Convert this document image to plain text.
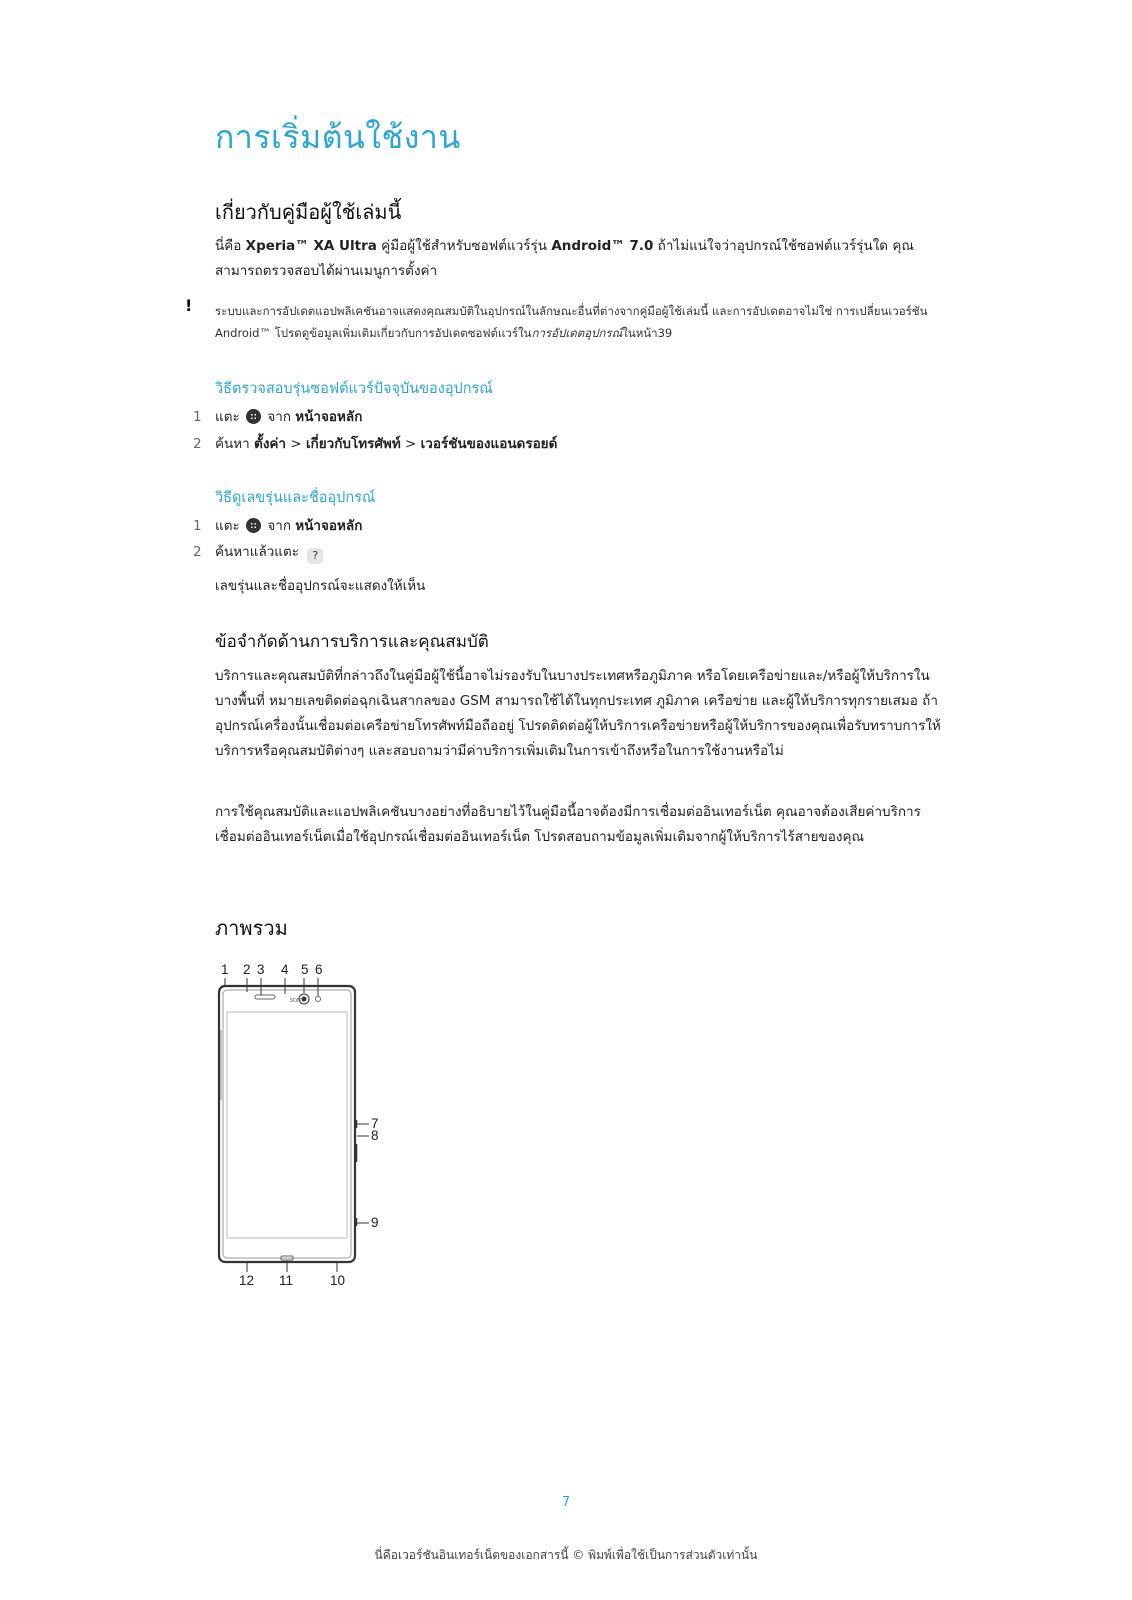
การเริ่มต้นใช้งาน
เกี่ยวกับคู่มือผู้ใช้เล่มนี้
นี่คือ Xperia™ XA Ultra คู่มือผู้ใช้สำหรับซอฟต์แวร์รุ่น Android™ 7.0 ถ้าไม่แน่ใจว่าอุปกรณ์ใช้ซอฟต์แวร์รุ่นใด คุณ สามารถตรวจสอบได้ผ่านเมนูการตั้งค่า
! ระบบและการอัปเดตแอปพลิเคชันอาจแสดงคุณสมบัติในอุปกรณ์ในลักษณะอื่นที่ต่างจากคู่มือผู้ใช้เล่มนี้ และการอัปเดตอาจไม่ใช่ การเปลี่ยนเวอร์ชัน Android™ โปรดดูข้อมูลเพิ่มเติมเกี่ยวกับการอัปเดตซอฟต์แวร์ในการอัปเดตอุปกรณ์ในหน้า39
วิธีตรวจสอบรุ่นซอฟต์แวร์ปัจจุบันของอุปกรณ์
1 แตะ จาก หน้าจอหลัก
2 ค้นหา ตั้งค่า > เกี่ยวกับโทรศัพท์ > เวอร์ชันของแอนดรอยด์
วิธีดูเลขรุ่นและชื่ออุปกรณ์
1 แตะ จาก หน้าจอหลัก
2 ค้นหาแล้วแตะ ?
เลขรุ่นและชื่ออุปกรณ์จะแสดงให้เห็น
ข้อจำกัดด้านการบริการและคุณสมบัติ
บริการและคุณสมบัติที่กล่าวถึงในคู่มือผู้ใช้นี้อาจไม่รองรับในบางประเทศหรือภูมิภาค หรือโดยเครือข่ายและ/หรือผู้ให้บริการในบางพื้นที่ หมายเลขติดต่อฉุกเฉินสากลของ GSM สามารถใช้ได้ในทุกประเทศ ภูมิภาค เครือข่าย และผู้ให้บริการทุกรายเสมอ ถ้าอุปกรณ์เครื่องนั้นเชื่อมต่อเครือข่ายโทรศัพท์มือถืออยู่ โปรดติดต่อผู้ให้บริการเครือข่ายหรือผู้ให้บริการของคุณเพื่อรับทราบการให้บริการหรือคุณสมบัติต่างๆ และสอบถามว่ามีค่าบริการเพิ่มเติมในการเข้าถึงหรือในการใช้งานหรือไม่
การใช้คุณสมบัติและแอปพลิเคชันบางอย่างที่อธิบายไว้ในคู่มือนี้อาจต้องมีการเชื่อมต่ออินเทอร์เน็ต คุณอาจต้องเสียค่าบริการเชื่อมต่ออินเทอร์เน็ตเมื่อใช้อุปกรณ์เชื่อมต่ออินเทอร์เน็ต โปรดสอบถามข้อมูลเพิ่มเติมจากผู้ให้บริการไร้สายของคุณ
ภาพรวม
SONY
1 2 3 4 5 6
7
8
9
10
11
12
7
นี่คือเวอร์ชันอินเทอร์เน็ตของเอกสารนี้ © พิมพ์เพื่อใช้เป็นการส่วนตัวเท่านั้น
